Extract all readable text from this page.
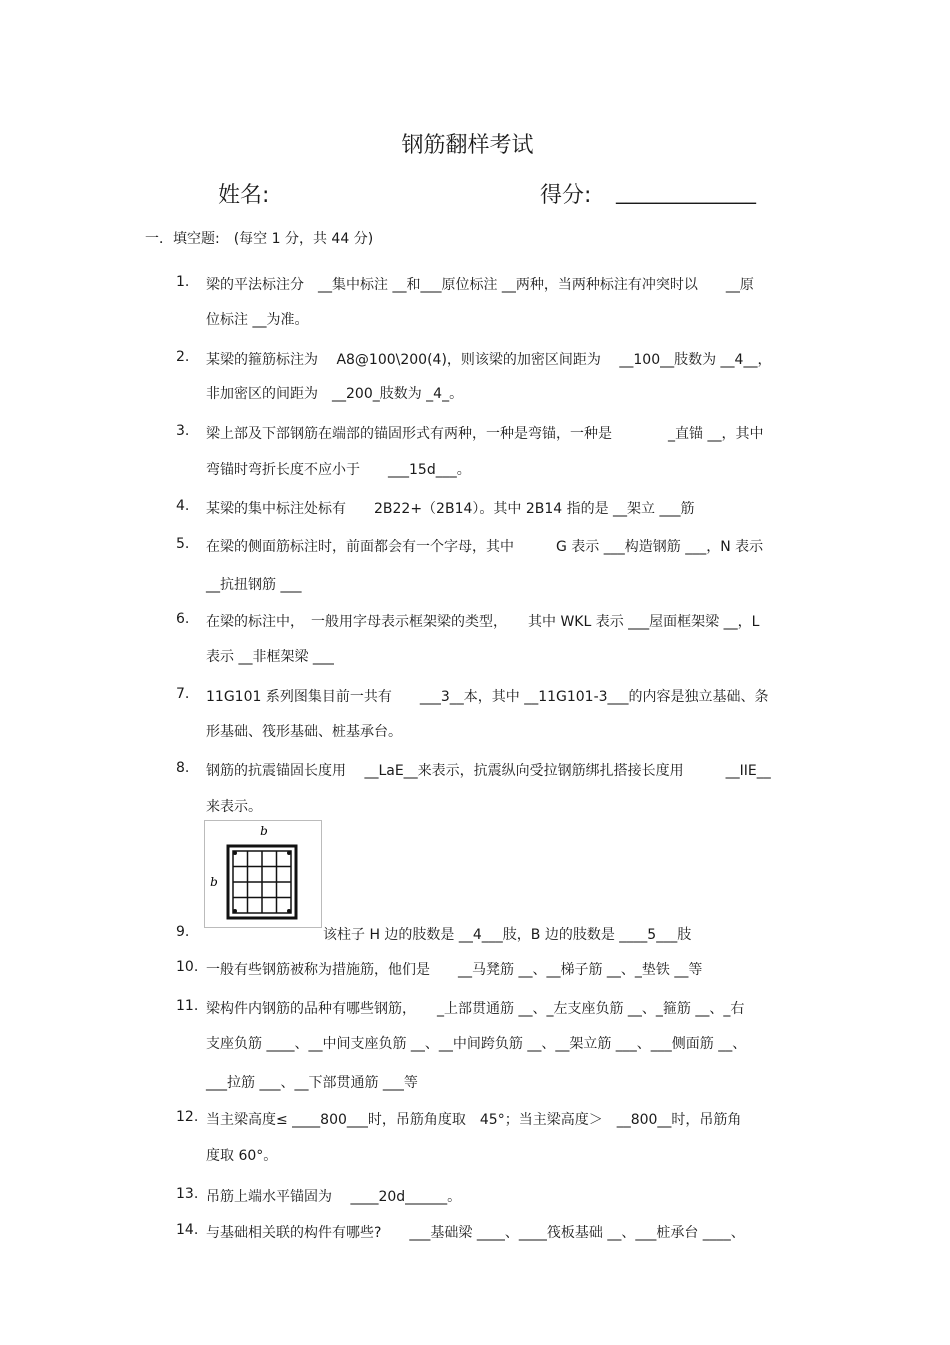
钢筋翻样考试
姓名:	得分: ______________
一．填空题:　(每空 1 分，共 44 分)
1.	梁的平法标注分　__集中标注 __和___原位标注 __两种，当两种标注有冲突时以　　__原
位标注 __为准。
2.	某梁的箍筋标注为　 A8@100\200(4)，则该梁的加密区间距为　 __100__肢数为 __4__，
非加密区的间距为　__200_肢数为 _4_。
3.	梁上部及下部钢筋在端部的锚固形式有两种，一种是弯锚，一种是　　　　_直锚 __，其中
弯锚时弯折长度不应小于　　___15d___。
4.	某梁的集中标注处标有　　2B22+（2B14）。其中 2B14 指的是 __架立 ___筋
5.	在梁的侧面筋标注时，前面都会有一个字母，其中　　　G 表示 ___构造钢筋 ___，N 表示
__抗扭钢筋 ___
6.	在梁的标注中，　一般用字母表示框架梁的类型，　　其中 WKL 表示 ___屋面框架梁 __，L
表示 __非框架梁 ___
7.	11G101 系列图集目前一共有　　___3__本，其中 __11G101-3___的内容是独立基础、条
形基础、筏形基础、桩基承台。
8.	钢筋的抗震锚固长度用　 __LaE__来表示，抗震纵向受拉钢筋绑扎搭接长度用　　　__IIE__
来表示。
9.	该柱子 H 边的肢数是 __4___肢，B 边的肢数是 ____5___肢
10. 一般有些钢筋被称为措施筋，他们是　　__马凳筋 __、__梯子筋 __、_垫铁 __等
11. 梁构件内钢筋的品种有哪些钢筋，　　_上部贯通筋 __、_左支座负筋 __、_箍筋 __、_右
支座负筋 ____、__中间支座负筋 __、__中间跨负筋 __、__架立筋 ___、___侧面筋 __、
___拉筋 ___、__下部贯通筋 ___等
12. 当主梁高度≤ ____800___时，吊筋角度取　45°；当主梁高度＞　__800__时，吊筋角
度取 60°。
13. 吊筋上端水平锚固为　 ____20d______。
14. 与基础相关联的构件有哪些?　　___基础梁 ____、____筏板基础 __、___桩承台 ____、
b
b
